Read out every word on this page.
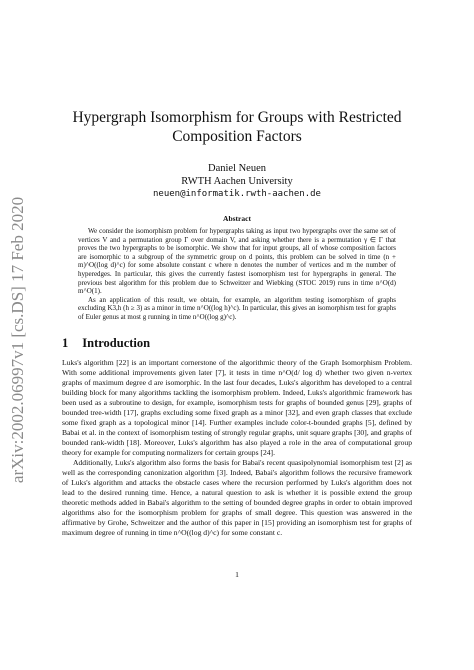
arXiv:2002.06997v1 [cs.DS] 17 Feb 2020
Hypergraph Isomorphism for Groups with Restricted
Composition Factors
Daniel Neuen
RWTH Aachen University
neuen@informatik.rwth-aachen.de
Abstract

We consider the isomorphism problem for hypergraphs taking as input two hypergraphs over the same set of vertices V and a permutation group Γ over domain V, and asking whether there is a permutation γ ∈ Γ that proves the two hypergraphs to be isomorphic. We show that for input groups, all of whose composition factors are isomorphic to a subgroup of the symmetric group on d points, this problem can be solved in time (n + m)^O((log d)^c) for some absolute constant c where n denotes the number of vertices and m the number of hyperedges. In particular, this gives the currently fastest isomorphism test for hypergraphs in general. The previous best algorithm for this problem due to Schweitzer and Wiebking (STOC 2019) runs in time n^O(d) m^O(1).

As an application of this result, we obtain, for example, an algorithm testing isomorphism of graphs excluding K3,h (h ≥ 3) as a minor in time n^O((log h)^c). In particular, this gives an isomorphism test for graphs of Euler genus at most g running in time n^O((log g)^c).

1 Introduction

Luks's algorithm [22] is an important cornerstone of the algorithmic theory of the Graph Isomorphism Problem. With some additional improvements given later [7], it tests in time n^O(d/ log d) whether two given n-vertex graphs of maximum degree d are isomorphic. In the last four decades, Luks's algorithm has developed to a central building block for many algorithms tackling the isomorphism problem. Indeed, Luks's algorithmic framework has been used as a subroutine to design, for example, isomorphism tests for graphs of bounded genus [29], graphs of bounded tree-width [17], graphs excluding some fixed graph as a minor [32], and even graph classes that exclude some fixed graph as a topological minor [14]. Further examples include color-t-bounded graphs [5], defined by Babai et al. in the context of isomorphism testing of strongly regular graphs, unit square graphs [30], and graphs of bounded rank-width [18]. Moreover, Luks's algorithm has also played a role in the area of computational group theory for example for computing normalizers for certain groups [24].

Additionally, Luks's algorithm also forms the basis for Babai's recent quasipolynomial isomorphism test [2] as well as the corresponding canonization algorithm [3]. Indeed, Babai's algorithm follows the recursive framework of Luks's algorithm and attacks the obstacle cases where the recursion performed by Luks's algorithm does not lead to the desired running time. Hence, a natural question to ask is whether it is possible extend the group theoretic methods added in Babai's algorithm to the setting of bounded degree graphs in order to obtain improved algorithms also for the isomorphism problem for graphs of small degree. This question was answered in the affirmative by Grohe, Schweitzer and the author of this paper in [15] providing an isomorphism test for graphs of maximum degree of running in time n^O((log d)^c) for some constant c.

1
